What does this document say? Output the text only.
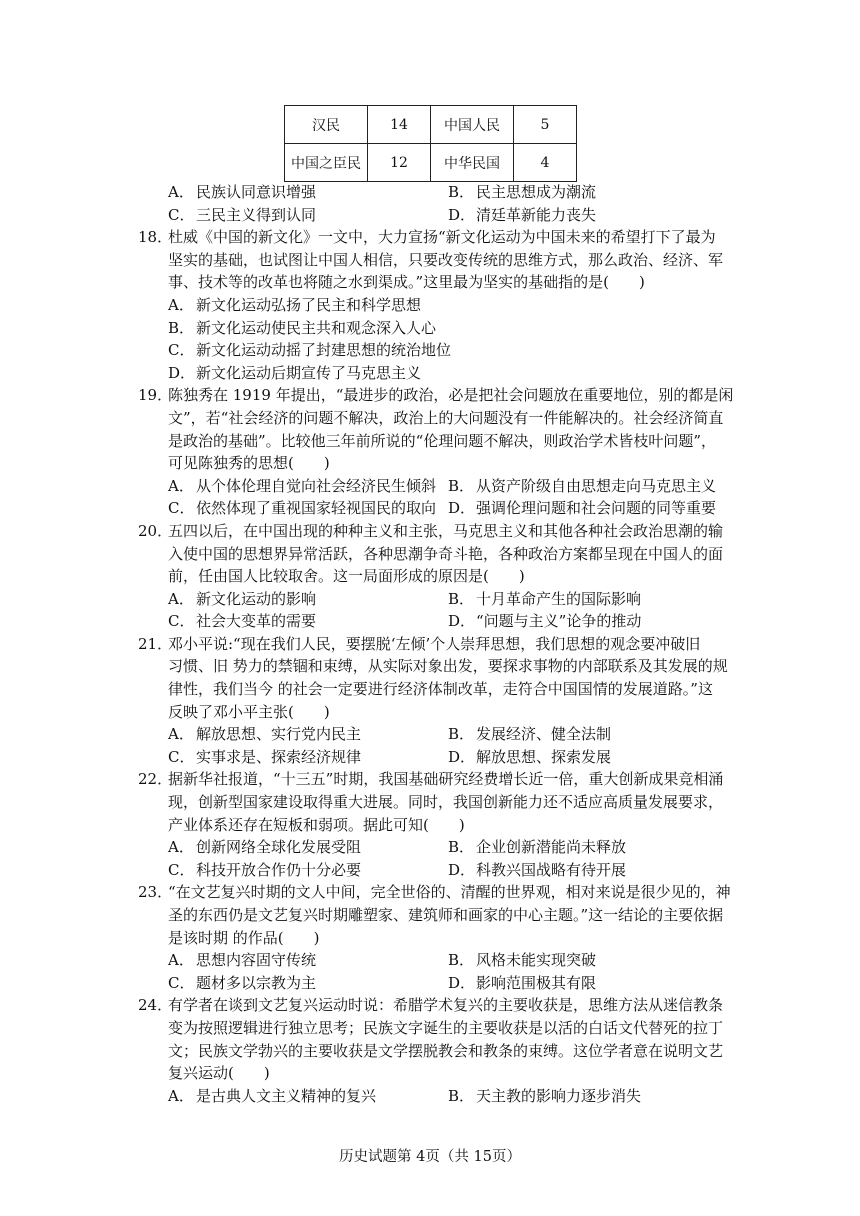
汉民	14	中国人民	5
中国之臣民	12	中华民国	4
A． 民族认同意识增强	B． 民主思想成为潮流
C． 三民主义得到认同	D．清廷革新能力丧失
18．
杜威《中国的新文化》一文中，大力宣扬“新文化运动为中国未来的希望打下了最为
坚实的基础，也试图让中国人相信，只要改变传统的思维方式，那么政治、经济、军
事、技术等的改革也将随之水到渠成。”这里最为坚实的基础指的是(　　)
A． 新文化运动弘扬了民主和科学思想
B． 新文化运动使民主共和观念深入人心
C． 新文化运动动摇了封建思想的统治地位
D．新文化运动后期宣传了马克思主义
19．
陈独秀在 1919 年提出，“最进步的政治，必是把社会问题放在重要地位，别的都是闲
文”，若“社会经济的问题不解决，政治上的大问题没有一件能解决的。社会经济简直
是政治的基础”。比较他三年前所说的“伦理问题不解决，则政治学术皆枝叶问题”，
可见陈独秀的思想(　　)
A． 从个体伦理自觉向社会经济民生倾斜 B． 从资产阶级自由思想走向马克思主义
C． 依然体现了重视国家轻视国民的取向 D．强调伦理问题和社会问题的同等重要
20．
五四以后，在中国出现的种种主义和主张，马克思主义和其他各种社会政治思潮的输
入使中国的思想界异常活跃，各种思潮争奇斗艳，各种政治方案都呈现在中国人的面
前，任由国人比较取舍。这一局面形成的原因是(　　)
A． 新文化运动的影响	B． 十月革命产生的国际影响
C． 社会大变革的需要	D．“问题与主义”论争的推动
21．
邓小平说:“现在我们人民，要摆脱‘左倾’个人崇拜思想，我们思想的观念要冲破旧
习惯、旧 势力的禁锢和束缚，从实际对象出发，要探求事物的内部联系及其发展的规
律性，我们当今 的社会一定要进行经济体制改革，走符合中国国情的发展道路。”这
反映了邓小平主张(　　)
A． 解放思想、实行党内民主	B． 发展经济、健全法制
C． 实事求是、探索经济规律	D．解放思想、探索发展
22．
据新华社报道，“十三五”时期，我国基础研究经费增长近一倍，重大创新成果竞相涌
现，创新型国家建设取得重大进展。同时，我国创新能力还不适应高质量发展要求，
产业体系还存在短板和弱项。据此可知(　　)
A． 创新网络全球化发展受阻	B． 企业创新潜能尚未释放
C． 科技开放合作仍十分必要	D．科教兴国战略有待开展
23．
“在文艺复兴时期的文人中间，完全世俗的、清醒的世界观，相对来说是很少见的，神
圣的东西仍是文艺复兴时期雕塑家、建筑师和画家的中心主题。”这一结论的主要依据
是该时期 的作品(　　)
A． 思想内容固守传统	B． 风格未能实现突破
C． 题材多以宗教为主	D．影响范围极其有限
24．
有学者在谈到文艺复兴运动时说：希腊学术复兴的主要收获是，思维方法从迷信教条
变为按照逻辑进行独立思考；民族文字诞生的主要收获是以活的白话文代替死的拉丁
文；民族文学勃兴的主要收获是文学摆脱教会和教条的束缚。这位学者意在说明文艺
复兴运动(　　)
A． 是古典人文主义精神的复兴	B． 天主教的影响力逐步消失
历史试题第 4页（共 15页）
